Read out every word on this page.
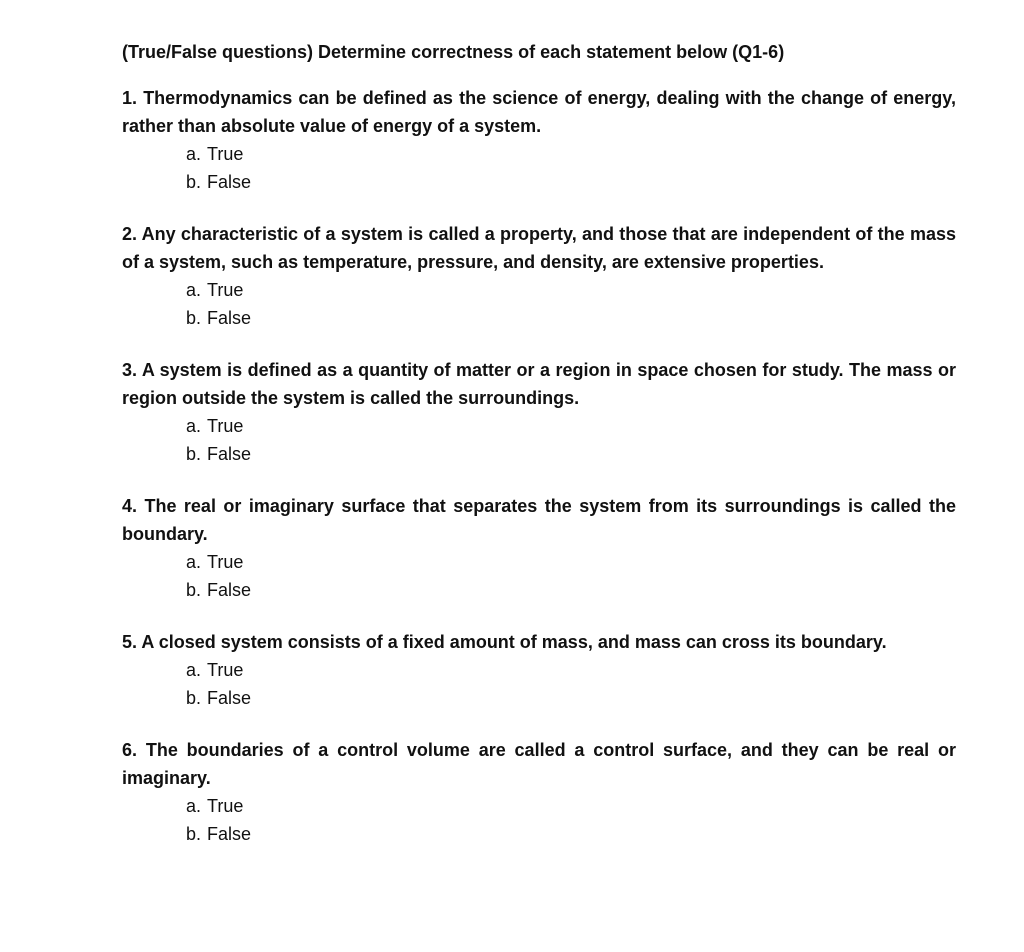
(True/False questions) Determine correctness of each statement below (Q1-6)

1. Thermodynamics can be defined as the science of energy, dealing with the change of energy, rather than absolute value of energy of a system.

a. True
b. False

2. Any characteristic of a system is called a property, and those that are independent of the mass of a system, such as temperature, pressure, and density, are extensive properties.

a. True
b. False

3. A system is defined as a quantity of matter or a region in space chosen for study. The mass or region outside the system is called the surroundings.

a. True
b. False

4. The real or imaginary surface that separates the system from its surroundings is called the boundary.

a. True
b. False

5. A closed system consists of a fixed amount of mass, and mass can cross its boundary.

a. True
b. False

6. The boundaries of a control volume are called a control surface, and they can be real or imaginary.

a. True
b. False
